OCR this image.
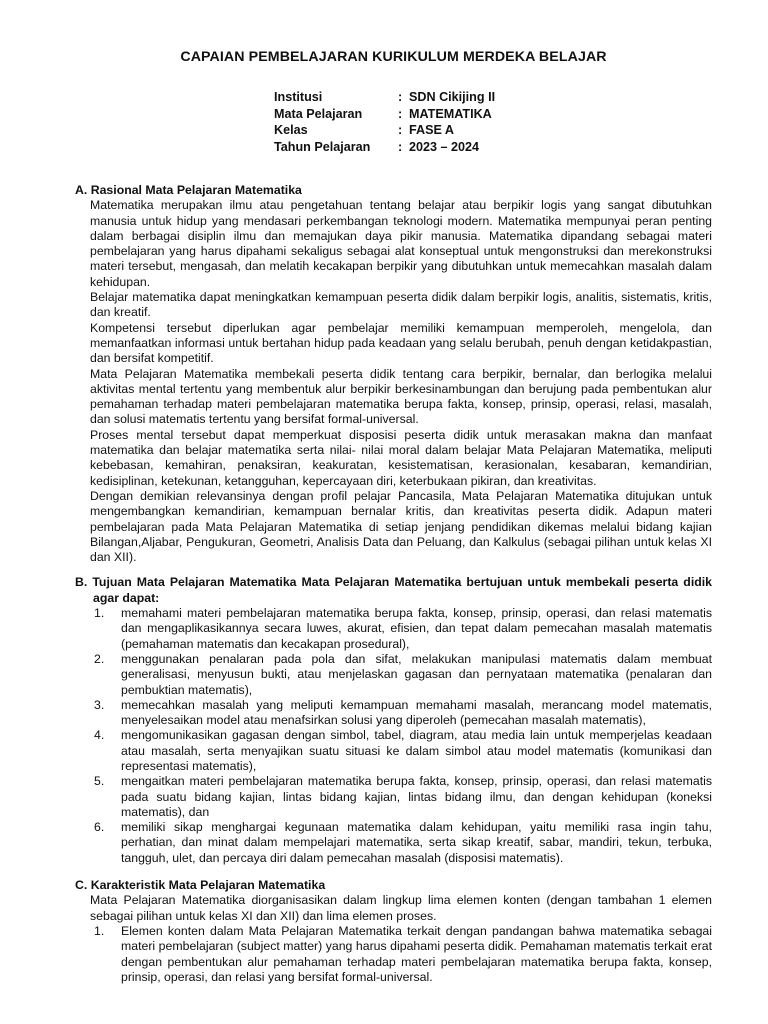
CAPAIAN PEMBELAJARAN KURIKULUM MERDEKA BELAJAR
Institusi	: SDN Cikijing II
Mata Pelajaran	: MATEMATIKA
Kelas	: FASE A
Tahun Pelajaran	: 2023 – 2024
A. Rasional Mata Pelajaran Matematika
Matematika merupakan ilmu atau pengetahuan tentang belajar atau berpikir logis yang sangat dibutuhkan manusia untuk hidup yang mendasari perkembangan teknologi modern. Matematika mempunyai peran penting dalam berbagai disiplin ilmu dan memajukan daya pikir manusia. Matematika dipandang sebagai materi pembelajaran yang harus dipahami sekaligus sebagai alat konseptual untuk mengonstruksi dan merekonstruksi materi tersebut, mengasah, dan melatih kecakapan berpikir yang dibutuhkan untuk memecahkan masalah dalam kehidupan.
Belajar matematika dapat meningkatkan kemampuan peserta didik dalam berpikir logis, analitis, sistematis, kritis, dan kreatif.
Kompetensi tersebut diperlukan agar pembelajar memiliki kemampuan memperoleh, mengelola, dan memanfaatkan informasi untuk bertahan hidup pada keadaan yang selalu berubah, penuh dengan ketidakpastian, dan bersifat kompetitif.
Mata Pelajaran Matematika membekali peserta didik tentang cara berpikir, bernalar, dan berlogika melalui aktivitas mental tertentu yang membentuk alur berpikir berkesinambungan dan berujung pada pembentukan alur pemahaman terhadap materi pembelajaran matematika berupa fakta, konsep, prinsip, operasi, relasi, masalah, dan solusi matematis tertentu yang bersifat formal-universal.
Proses mental tersebut dapat memperkuat disposisi peserta didik untuk merasakan makna dan manfaat matematika dan belajar matematika serta nilai- nilai moral dalam belajar Mata Pelajaran Matematika, meliputi kebebasan, kemahiran, penaksiran, keakuratan, kesistematisan, kerasionalan, kesabaran, kemandirian, kedisiplinan, ketekunan, ketangguhan, kepercayaan diri, keterbukaan pikiran, dan kreativitas.
Dengan demikian relevansinya dengan profil pelajar Pancasila, Mata Pelajaran Matematika ditujukan untuk mengembangkan kemandirian, kemampuan bernalar kritis, dan kreativitas peserta didik. Adapun materi pembelajaran pada Mata Pelajaran Matematika di setiap jenjang pendidikan dikemas melalui bidang kajian Bilangan,Aljabar, Pengukuran, Geometri, Analisis Data dan Peluang, dan Kalkulus (sebagai pilihan untuk kelas XI dan XII).
B. Tujuan Mata Pelajaran Matematika Mata Pelajaran Matematika bertujuan untuk membekali peserta didik agar dapat:
1.	memahami materi pembelajaran matematika berupa fakta, konsep, prinsip, operasi, dan relasi matematis dan mengaplikasikannya secara luwes, akurat, efisien, dan tepat dalam pemecahan masalah matematis (pemahaman matematis dan kecakapan prosedural),
2.	menggunakan penalaran pada pola dan sifat, melakukan manipulasi matematis dalam membuat generalisasi, menyusun bukti, atau menjelaskan gagasan dan pernyataan matematika (penalaran dan pembuktian matematis),
3.	memecahkan masalah yang meliputi kemampuan memahami masalah, merancang model matematis, menyelesaikan model atau menafsirkan solusi yang diperoleh (pemecahan masalah matematis),
4.	mengomunikasikan gagasan dengan simbol, tabel, diagram, atau media lain untuk memperjelas keadaan atau masalah, serta menyajikan suatu situasi ke dalam simbol atau model matematis (komunikasi dan representasi matematis),
5.	mengaitkan materi pembelajaran matematika berupa fakta, konsep, prinsip, operasi, dan relasi matematis pada suatu bidang kajian, lintas bidang kajian, lintas bidang ilmu, dan dengan kehidupan (koneksi matematis), dan
6.	memiliki sikap menghargai kegunaan matematika dalam kehidupan, yaitu memiliki rasa ingin tahu, perhatian, dan minat dalam mempelajari matematika, serta sikap kreatif, sabar, mandiri, tekun, terbuka, tangguh, ulet, dan percaya diri dalam pemecahan masalah (disposisi matematis).
C. Karakteristik Mata Pelajaran Matematika
Mata Pelajaran Matematika diorganisasikan dalam lingkup lima elemen konten (dengan tambahan 1 elemen sebagai pilihan untuk kelas XI dan XII) dan lima elemen proses.
1.	Elemen konten dalam Mata Pelajaran Matematika terkait dengan pandangan bahwa matematika sebagai materi pembelajaran (subject matter) yang harus dipahami peserta didik. Pemahaman matematis terkait erat dengan pembentukan alur pemahaman terhadap materi pembelajaran matematika berupa fakta, konsep, prinsip, operasi, dan relasi yang bersifat formal-universal.
